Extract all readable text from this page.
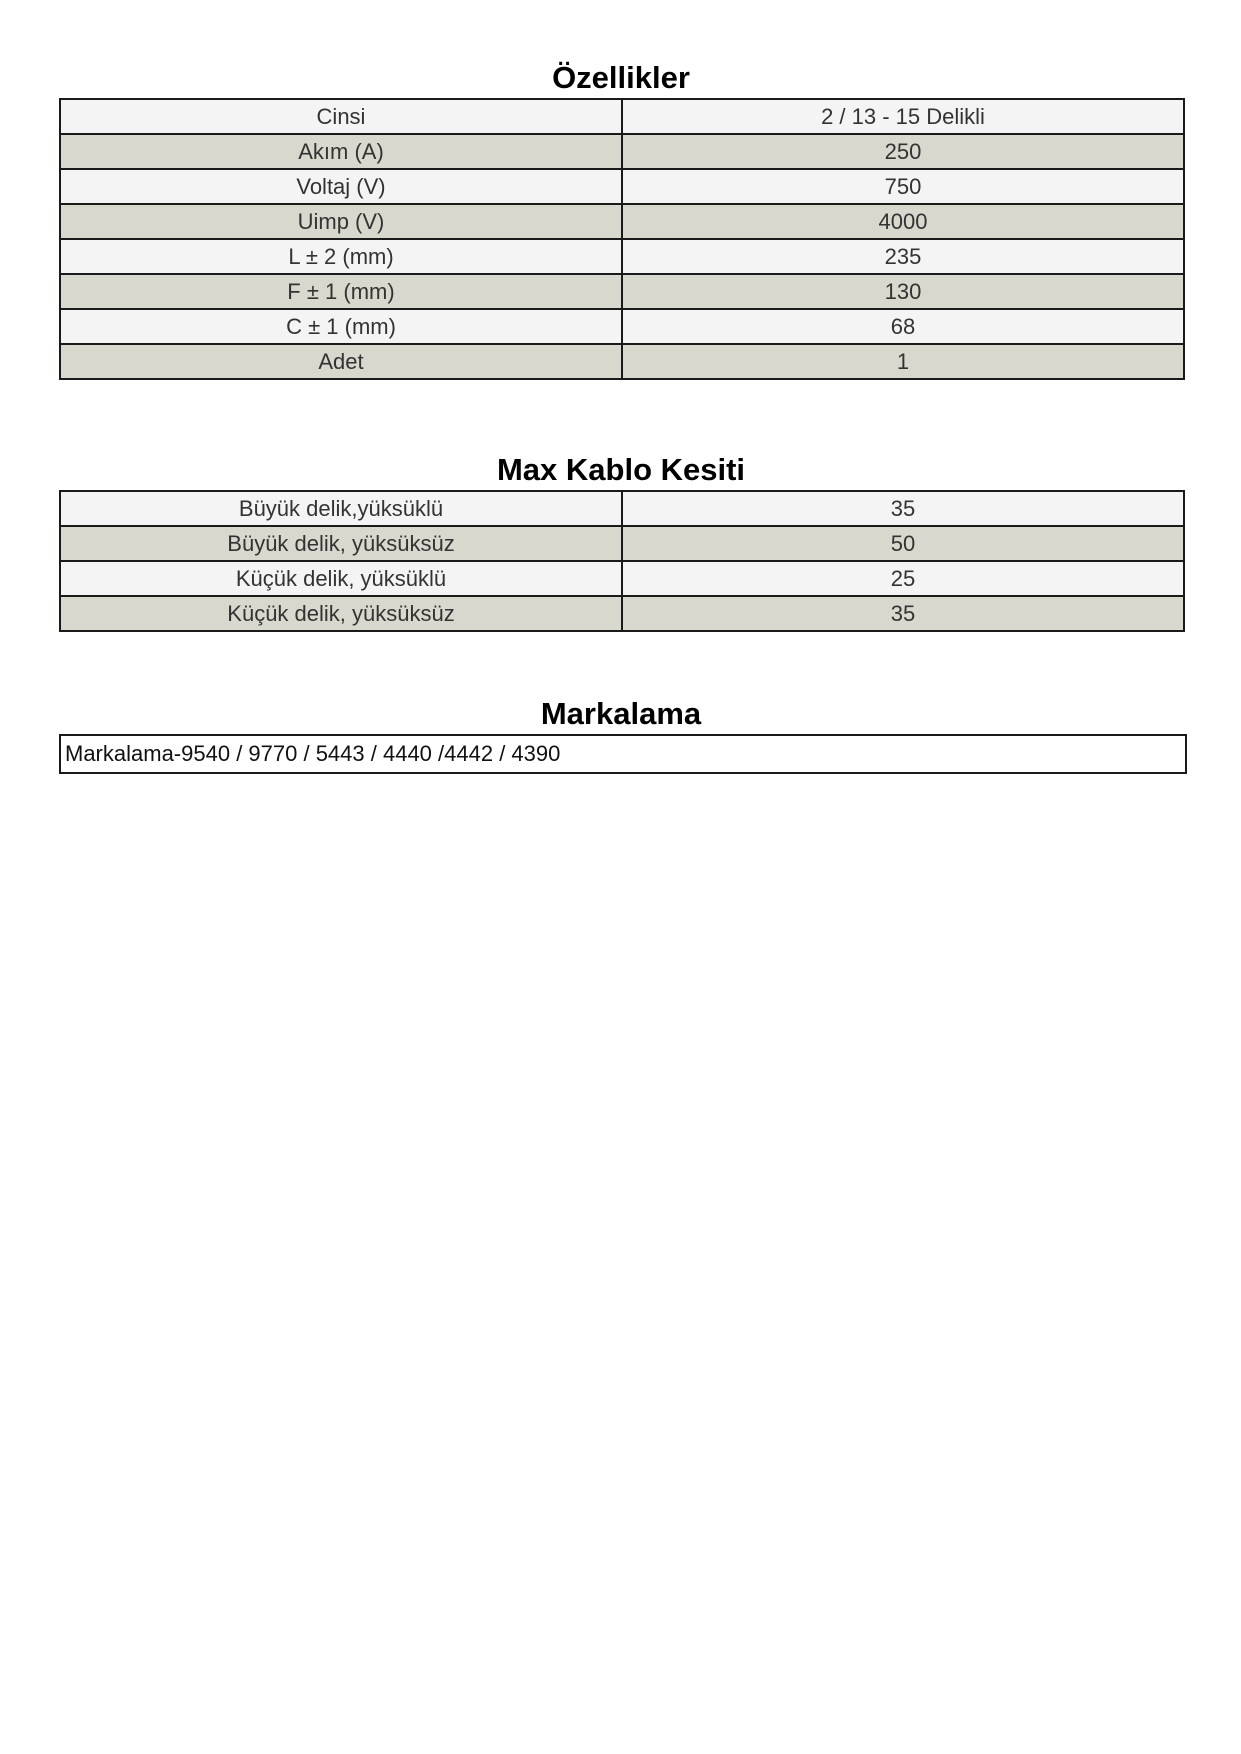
Özellikler
Cinsi	2 / 13 - 15 Delikli
Akım (A)	250
Voltaj (V)	750
Uimp (V)	4000
L ± 2 (mm)	235
F ± 1 (mm)	130
C ± 1 (mm)	68
Adet	1
Max Kablo Kesiti
Büyük delik,yüksüklü	35
Büyük delik, yüksüksüz	50
Küçük delik, yüksüklü	25
Küçük delik, yüksüksüz	35
Markalama
Markalama-9540 / 9770 / 5443 / 4440 /4442 / 4390
